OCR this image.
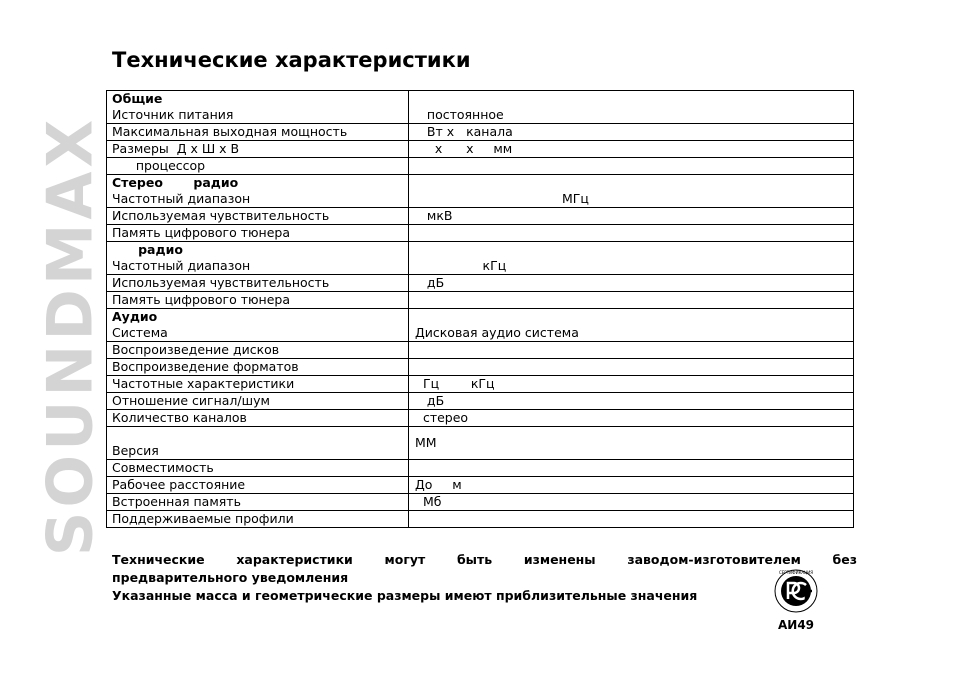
SOUNDMAX
Технические характеристики
Общие
Источник питания	постоянное

Максимальная выходная мощность	Вт х   канала

Размеры  Д х Ш х В	х      х     мм

процессор	

Стерео       радио
Частотный диапазон	МГц

Используемая чувствительность	мкВ

Память цифрового тюнера	

радио
Частотный диапазон	кГц

Используемая чувствительность	дБ

Память цифрового тюнера	

Аудио
Система	Дисковая аудио система

Воспроизведение дисков	

Воспроизведение форматов	

Частотные характеристики	Гц        кГц

Отношение сигнал/шум	дБ

Количество каналов	стерео

Версия	MM

Совместимость	

Рабочее расстояние	До     м

Встроенная память	Мб

Поддерживаемые профили	

Технические характеристики могут быть изменены заводом-изготовителем без
предварительного уведомления
Указанные масса и геометрические размеры имеют приблизительные значения
СЕРТИФИКАЦИЯ
АИ49
